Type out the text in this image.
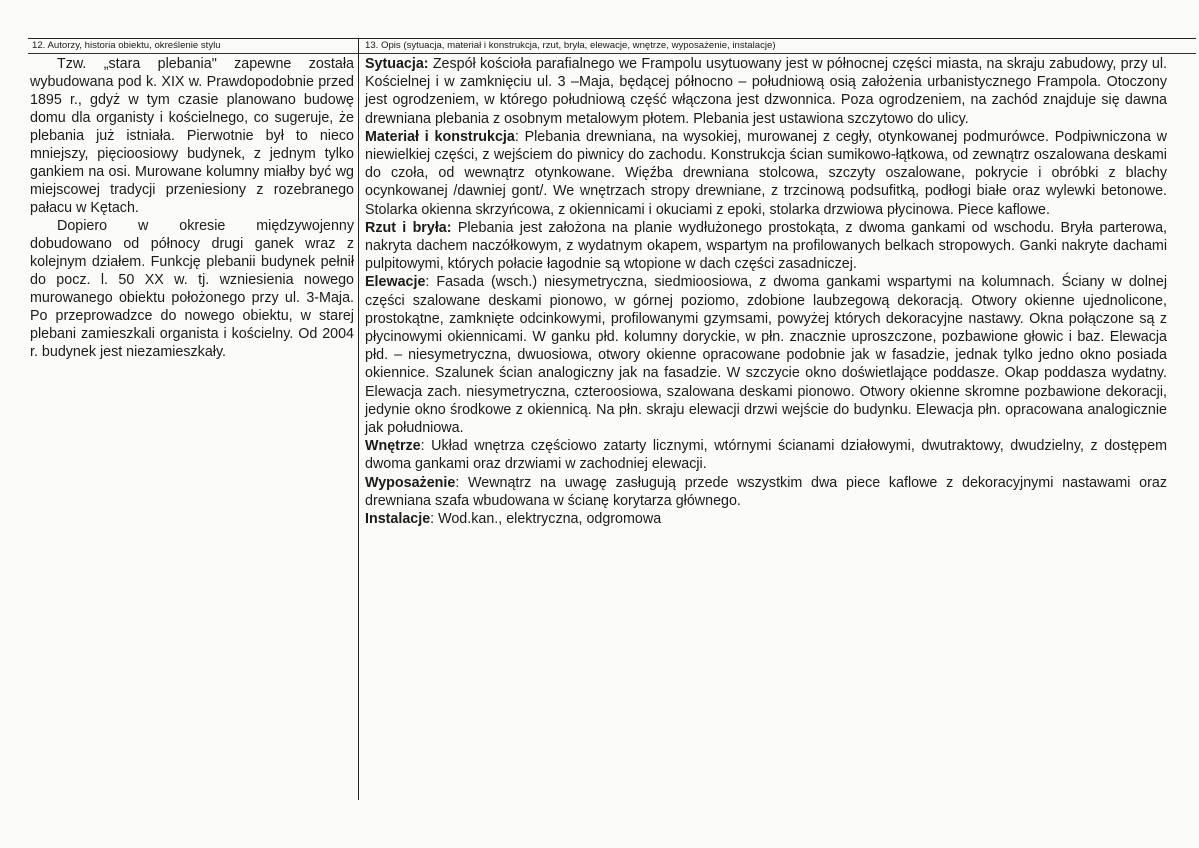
12. Autorzy, historia obiektu, określenie stylu	13. Opis (sytuacja, materiał i konstrukcja, rzut, bryła, elewacje, wnętrze, wyposażenie, instalacje)

Tzw. „stara plebania" zapewne została wybudowana pod k. XIX w. Prawdopodobnie przed 1895 r., gdyż w tym czasie planowano budowę domu dla organisty i kościelnego, co sugeruje, że plebania już istniała. Pierwotnie był to nieco mniejszy, pięcioosiowy budynek, z jednym tylko gankiem na osi. Murowane kolumny miałby być wg miejscowej tradycji przeniesiony z rozebranego pałacu w Kętach.

Dopiero w okresie międzywojenny dobudowano od północy drugi ganek wraz z kolejnym działem. Funkcję plebanii budynek pełnił do pocz. l. 50 XX w. tj. wzniesienia nowego murowanego obiektu położonego przy ul. 3-Maja. Po przeprowadzce do nowego obiektu, w starej plebani zamieszkali organista i kościelny. Od 2004 r. budynek jest niezamieszkały.

Sytuacja: Zespół kościoła parafialnego we Frampolu usytuowany jest w północnej części miasta, na skraju zabudowy, przy ul. Kościelnej i w zamknięciu ul. 3 –Maja, będącej północno – południową osią założenia urbanistycznego Frampola. Otoczony jest ogrodzeniem, w którego południową część włączona jest dzwonnica. Poza ogrodzeniem, na zachód znajduje się dawna drewniana plebania z osobnym metalowym płotem. Plebania jest ustawiona szczytowo do ulicy.

Materiał i konstrukcja: Plebania drewniana, na wysokiej, murowanej z cegły, otynkowanej podmurówce. Podpiwniczona w niewielkiej części, z wejściem do piwnicy do zachodu. Konstrukcja ścian sumikowo-łątkowa, od zewnątrz oszalowana deskami do czoła, od wewnątrz otynkowane. Więźba drewniana stolcowa, szczyty oszalowane, pokrycie i obróbki z blachy ocynkowanej /dawniej gont/. We wnętrzach stropy drewniane, z trzcinową podsufitką, podłogi białe oraz wylewki betonowe. Stolarka okienna skrzyńcowa, z okiennicami i okuciami z epoki, stolarka drzwiowa płycinowa. Piece kaflowe.

Rzut i bryła: Plebania jest założona na planie wydłużonego prostokąta, z dwoma gankami od wschodu. Bryła parterowa, nakryta dachem naczółkowym, z wydatnym okapem, wspartym na profilowanych belkach stropowych. Ganki nakryte dachami pulpitowymi, których połacie łagodnie są wtopione w dach części zasadniczej.

Elewacje: Fasada (wsch.) niesymetryczna, siedmioosiowa, z dwoma gankami wspartymi na kolumnach. Ściany w dolnej części szalowane deskami pionowo, w górnej poziomo, zdobione laubzegową dekoracją. Otwory okienne ujednolicone, prostokątne, zamknięte odcinkowymi, profilowanymi gzymsami, powyżej których dekoracyjne nastawy. Okna połączone są z płycinowymi okiennicami. W ganku płd. kolumny doryckie, w płn. znacznie uproszczone, pozbawione głowic i baz. Elewacja płd. – niesymetryczna, dwuosiowa, otwory okienne opracowane podobnie jak w fasadzie, jednak tylko jedno okno posiada okiennice. Szalunek ścian analogiczny jak na fasadzie. W szczycie okno doświetlające poddasze. Okap poddasza wydatny. Elewacja zach. niesymetryczna, czteroosiowa, szalowana deskami pionowo. Otwory okienne skromne pozbawione dekoracji, jedynie okno środkowe z okiennicą. Na płn. skraju elewacji drzwi wejście do budynku. Elewacja płn. opracowana analogicznie jak południowa.

Wnętrze: Układ wnętrza częściowo zatarty licznymi, wtórnymi ścianami działowymi, dwutraktowy, dwudzielny, z dostępem dwoma gankami oraz drzwiami w zachodniej elewacji.

Wyposażenie: Wewnątrz na uwagę zasługują przede wszystkim dwa piece kaflowe z dekoracyjnymi nastawami oraz drewniana szafa wbudowana w ścianę korytarza głównego.

Instalacje: Wod.kan., elektryczna, odgromowa
